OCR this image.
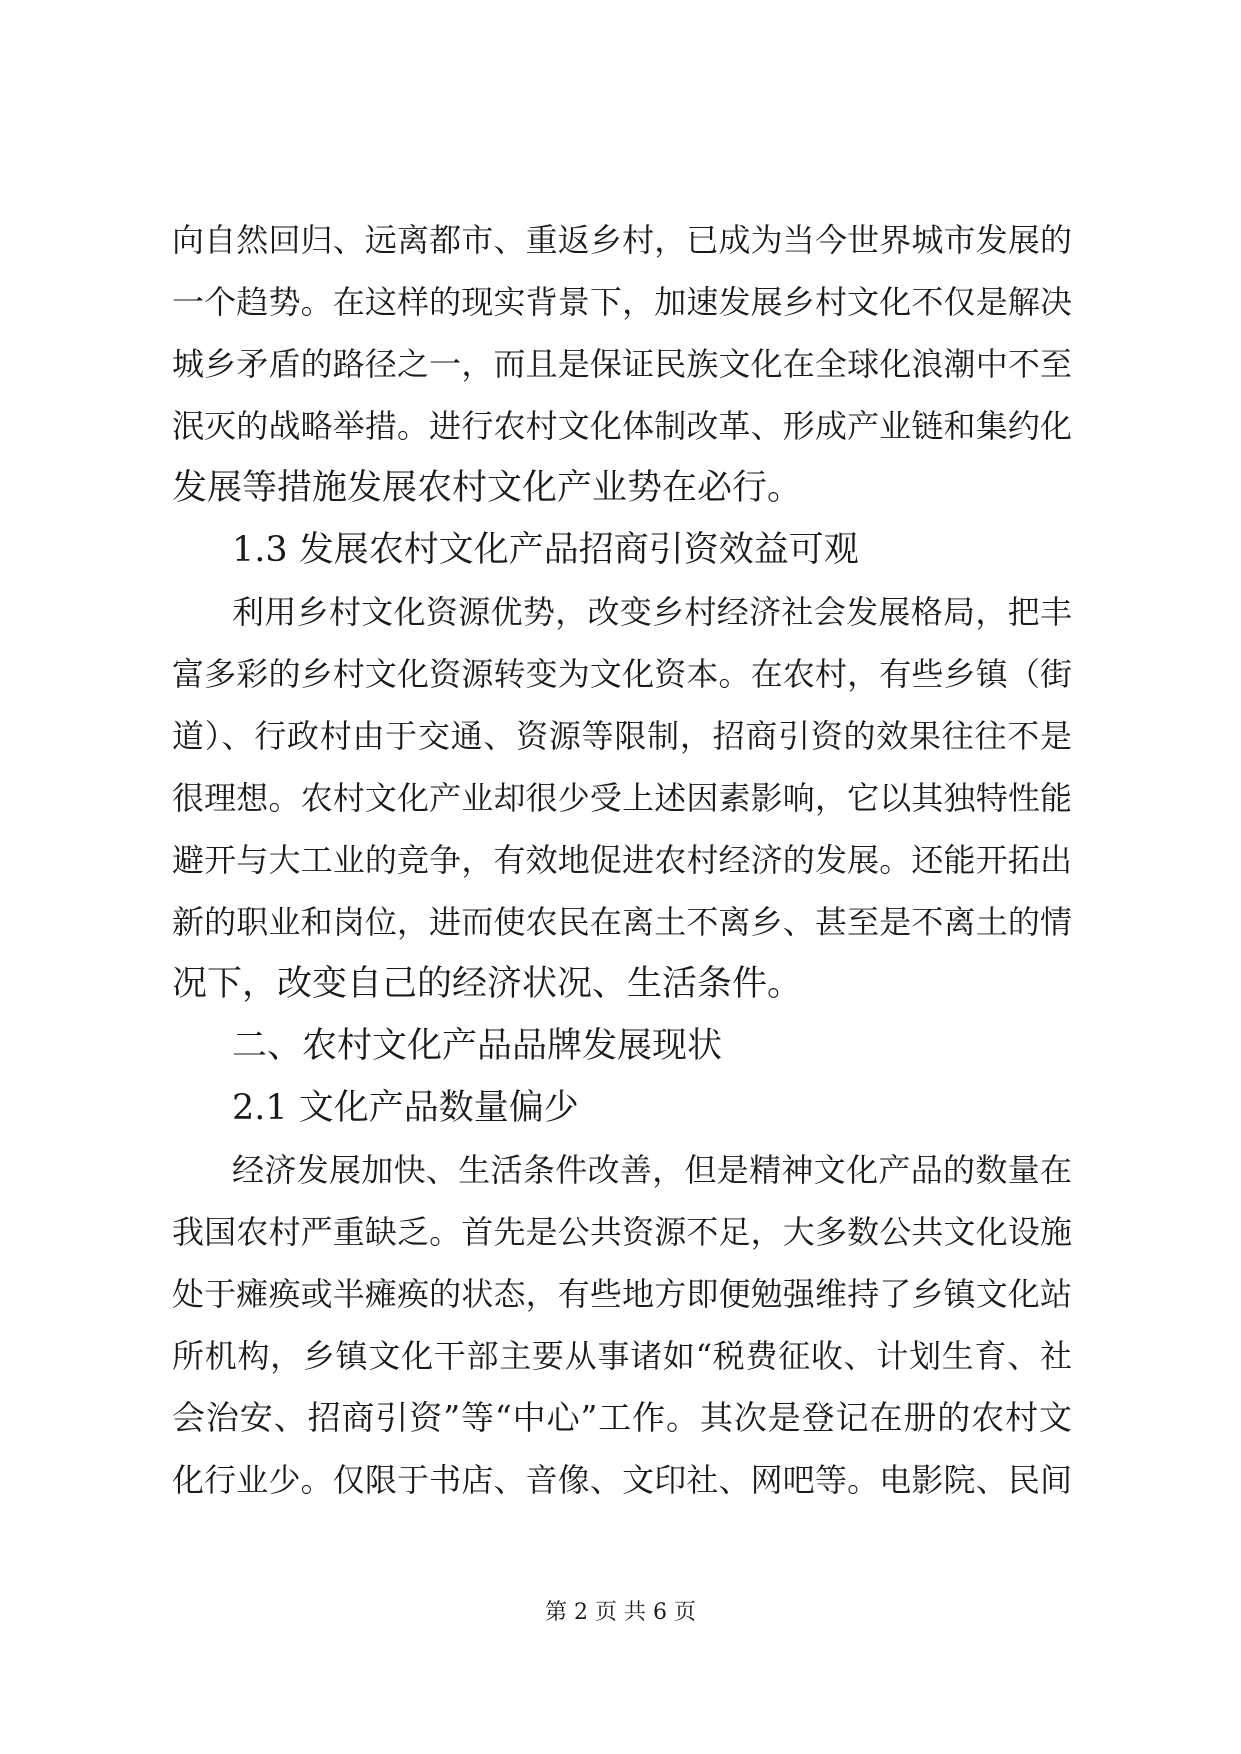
向自然回归、远离都市、重返乡村，已成为当今世界城市发展的
一个趋势。在这样的现实背景下，加速发展乡村文化不仅是解决
城乡矛盾的路径之一，而且是保证民族文化在全球化浪潮中不至
泯灭的战略举措。进行农村文化体制改革、形成产业链和集约化
发展等措施发展农村文化产业势在必行。
1.3 发展农村文化产品招商引资效益可观
利用乡村文化资源优势，改变乡村经济社会发展格局，把丰
富多彩的乡村文化资源转变为文化资本。在农村，有些乡镇（街
道）、行政村由于交通、资源等限制，招商引资的效果往往不是
很理想。农村文化产业却很少受上述因素影响，它以其独特性能
避开与大工业的竞争，有效地促进农村经济的发展。还能开拓出
新的职业和岗位，进而使农民在离土不离乡、甚至是不离土的情
况下，改变自己的经济状况、生活条件。
二、农村文化产品品牌发展现状
2.1 文化产品数量偏少
经济发展加快、生活条件改善，但是精神文化产品的数量在
我国农村严重缺乏。首先是公共资源不足，大多数公共文化设施
处于瘫痪或半瘫痪的状态，有些地方即便勉强维持了乡镇文化站
所机构，乡镇文化干部主要从事诸如“税费征收、计划生育、社
会治安、招商引资”等“中心”工作。其次是登记在册的农村文
化行业少。仅限于书店、音像、文印社、网吧等。电影院、民间
第 2 页 共 6 页
